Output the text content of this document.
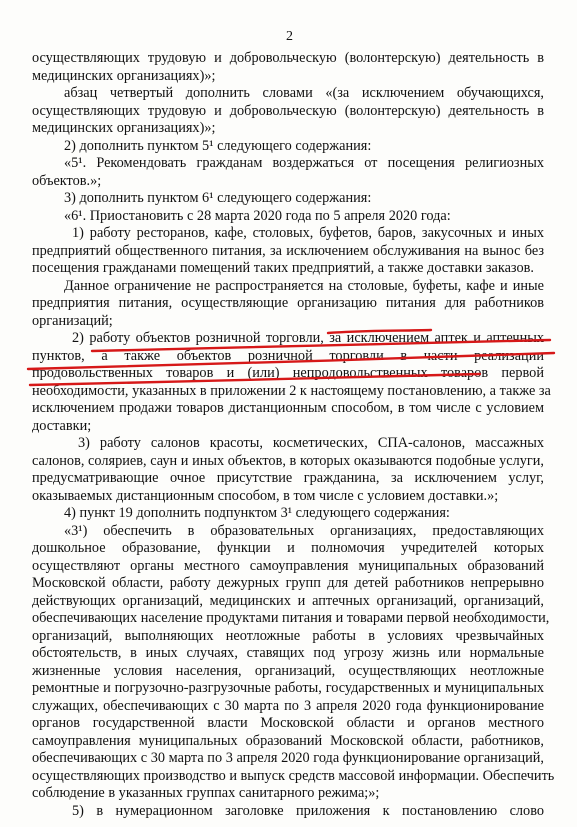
2
осуществляющих трудовую и добровольческую (волонтерскую) деятельность в
медицинских организациях)»;
абзац четвертый дополнить словами «(за исключением обучающихся,
осуществляющих трудовую и добровольческую (волонтерскую) деятельность в
медицинских организациях)»;
2) дополнить пунктом 5¹ следующего содержания:
«5¹. Рекомендовать гражданам воздержаться от посещения религиозных
объектов.»;
3) дополнить пунктом 6¹ следующего содержания:
«6¹. Приостановить с 28 марта 2020 года по 5 апреля 2020 года:
1) работу ресторанов, кафе, столовых, буфетов, баров, закусочных и иных
предприятий общественного питания, за исключением обслуживания на вынос без
посещения гражданами помещений таких предприятий, а также доставки заказов.
Данное ограничение не распространяется на столовые, буфеты, кафе и иные
предприятия питания, осуществляющие организацию питания для работников
организаций;
2) работу объектов розничной торговли, за исключением аптек и аптечных
пунктов, а также объектов розничной торговли в части реализации
продовольственных товаров и (или) непродовольственных товаров первой
необходимости, указанных в приложении 2 к настоящему постановлению, а также за
исключением продажи товаров дистанционным способом, в том числе с условием
доставки;
3) работу салонов красоты, косметических, СПА-салонов, массажных
салонов, соляриев, саун и иных объектов, в которых оказываются подобные услуги,
предусматривающие очное присутствие гражданина, за исключением услуг,
оказываемых дистанционным способом, в том числе с условием доставки.»;
4) пункт 19 дополнить подпунктом 3¹ следующего содержания:
«3¹) обеспечить в образовательных организациях, предоставляющих
дошкольное образование, функции и полномочия учредителей которых
осуществляют органы местного самоуправления муниципальных образований
Московской области, работу дежурных групп для детей работников непрерывно
действующих организаций, медицинских и аптечных организаций, организаций,
обеспечивающих население продуктами питания и товарами первой необходимости,
организаций, выполняющих неотложные работы в условиях чрезвычайных
обстоятельств, в иных случаях, ставящих под угрозу жизнь или нормальные
жизненные условия населения, организаций, осуществляющих неотложные
ремонтные и погрузочно-разгрузочные работы, государственных и муниципальных
служащих, обеспечивающих с 30 марта по 3 апреля 2020 года функционирование
органов государственной власти Московской области и органов местного
самоуправления муниципальных образований Московской области, работников,
обеспечивающих с 30 марта по 3 апреля 2020 года функционирование организаций,
осуществляющих производство и выпуск средств массовой информации. Обеспечить
соблюдение в указанных группах санитарного режима;»;
5) в нумерационном заголовке приложения к постановлению слово
